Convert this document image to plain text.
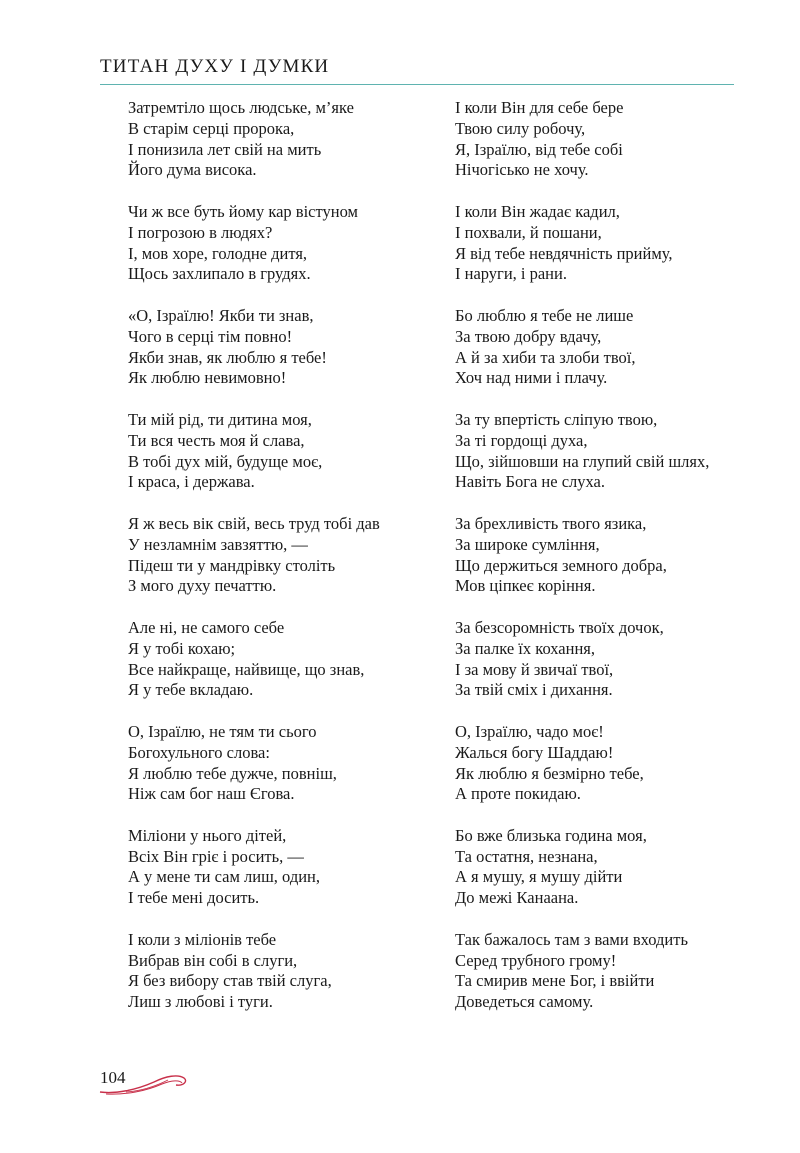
ТИТАН ДУХУ І ДУМКИ
Затремтіло щось людське, м’яке
В старім серці пророка,
І понизила лет свій на мить
Його дума висока.
Чи ж все буть йому кар вістуном
І погрозою в людях?
І, мов хоре, голодне дитя,
Щось захлипало в грудях.
«О, Ізраїлю! Якби ти знав,
Чого в серці тім повно!
Якби знав, як люблю я тебе!
Як люблю невимовно!
Ти мій рід, ти дитина моя,
Ти вся честь моя й слава,
В тобі дух мій, будуще моє,
І краса, і держава.
Я ж весь вік свій, весь труд тобі дав
У незламнім завзяттю, —
Підеш ти у мандрівку століть
З мого духу печаттю.
Але ні, не самого себе
Я у тобі кохаю;
Все найкраще, найвище, що знав,
Я у тебе вкладаю.
О, Ізраїлю, не тям ти сього
Богохульного слова:
Я люблю тебе дужче, повніш,
Ніж сам бог наш Єгова.
Міліони у нього дітей,
Всіх Він гріє і росить, —
А у мене ти сам лиш, один,
І тебе мені досить.
І коли з міліонів тебе
Вибрав він собі в слуги,
Я без вибору став твій слуга,
Лиш з любові і туги.
І коли Він для себе бере
Твою силу робочу,
Я, Ізраїлю, від тебе собі
Нічогісько не хочу.
І коли Він жадає кадил,
І похвали, й пошани,
Я від тебе невдячність прийму,
І наруги, і рани.
Бо люблю я тебе не лише
За твою добру вдачу,
А й за хиби та злоби твої,
Хоч над ними і плачу.
За ту впертість сліпую твою,
За ті гордощі духа,
Що, зійшовши на глупий свій шлях,
Навіть Бога не слуха.
За брехливість твого язика,
За широке сумління,
Що держиться земного добра,
Мов ціпкеє коріння.
За безсоромність твоїх дочок,
За палке їх кохання,
І за мову й звичаї твої,
За твій сміх і дихання.
О, Ізраїлю, чадо моє!
Жалься богу Шаддаю!
Як люблю я безмірно тебе,
А проте покидаю.
Бо вже близька година моя,
Та остатня, незнана,
А я мушу, я мушу дійти
До межі Канаана.
Так бажалось там з вами входить
Серед трубного грому!
Та смирив мене Бог, і ввійти
Доведеться самому.
104
